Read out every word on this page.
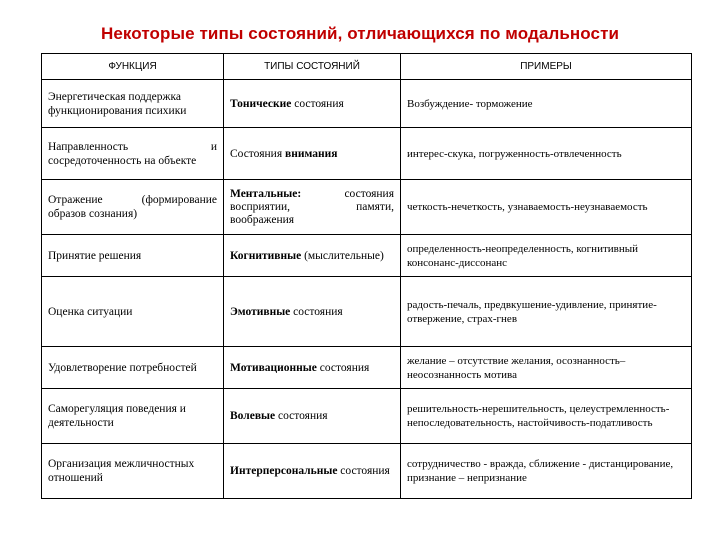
Некоторые типы состояний, отличающихся по модальности
ФУНКЦИЯ	ТИПЫ СОСТОЯНИЙ	ПРИМЕРЫ
Энергетическая поддержка функционирования психики	Тонические состояния	Возбуждение- торможение
Направленность и сосредоточенность на объекте	Состояния внимания	интерес-скука, погруженность-отвлеченность
Отражение (формирование образов сознания)	Ментальные: состояния восприятии, памяти, воображения	четкость-нечеткость, узнаваемость-неузнаваемость
Принятие решения	Когнитивные (мыслительные)	определенность-неопределенность, когнитивный консонанс-диссонанс
Оценка ситуации	Эмотивные состояния	радость-печаль, предвкушение-удивление, принятие-отвержение, страх-гнев
Удовлетворение потребностей	Мотивационные состояния	желание – отсутствие желания, осознанность–неосознанность мотива
Саморегуляция поведения и деятельности	Волевые состояния	решительность-нерешительность, целеустремленность-непоследовательность, настойчивость-податливость
Организация межличностных отношений	Интерперсональные состояния	сотрудничество - вражда, сближение - дистанцирование, признание – непризнание
